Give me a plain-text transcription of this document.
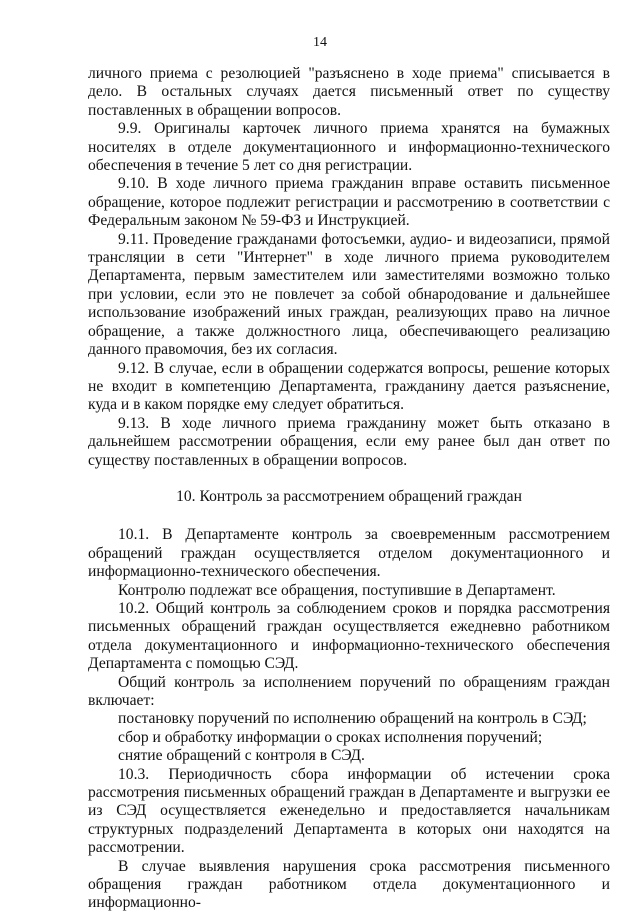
14

личного приема с резолюцией "разъяснено в ходе приема" списывается в дело. В остальных случаях дается письменный ответ по существу поставленных в обращении вопросов.

9.9. Оригиналы карточек личного приема хранятся на бумажных носителях в отделе документационного и информационно-технического обеспечения в течение 5 лет со дня регистрации.

9.10. В ходе личного приема гражданин вправе оставить письменное обращение, которое подлежит регистрации и рассмотрению в соответствии с Федеральным законом № 59-ФЗ и Инструкцией.

9.11. Проведение гражданами фотосъемки, аудио- и видеозаписи, прямой трансляции в сети "Интернет" в ходе личного приема руководителем Департамента, первым заместителем или заместителями возможно только при условии, если это не повлечет за собой обнародование и дальнейшее использование изображений иных граждан, реализующих право на личное обращение, а также должностного лица, обеспечивающего реализацию данного правомочия, без их согласия.

9.12. В случае, если в обращении содержатся вопросы, решение которых не входит в компетенцию Департамента, гражданину дается разъяснение, куда и в каком порядке ему следует обратиться.

9.13. В ходе личного приема гражданину может быть отказано в дальнейшем рассмотрении обращения, если ему ранее был дан ответ по существу поставленных в обращении вопросов.

10. Контроль за рассмотрением обращений граждан

10.1. В Департаменте контроль за своевременным рассмотрением обращений граждан осуществляется отделом документационного и информационно-технического обеспечения.

Контролю подлежат все обращения, поступившие в Департамент.

10.2. Общий контроль за соблюдением сроков и порядка рассмотрения письменных обращений граждан осуществляется ежедневно работником отдела документационного и информационно-технического обеспечения Департамента с помощью СЭД.

Общий контроль за исполнением поручений по обращениям граждан включает:

постановку поручений по исполнению обращений на контроль в СЭД;

сбор и обработку информации о сроках исполнения поручений;

снятие обращений с контроля в СЭД.

10.3. Периодичность сбора информации об истечении срока рассмотрения письменных обращений граждан в Департаменте и выгрузки ее из СЭД осуществляется еженедельно и предоставляется начальникам структурных подразделений Департамента в которых они находятся на рассмотрении.

В случае выявления нарушения срока рассмотрения письменного обращения граждан работником отдела документационного и информационно-
